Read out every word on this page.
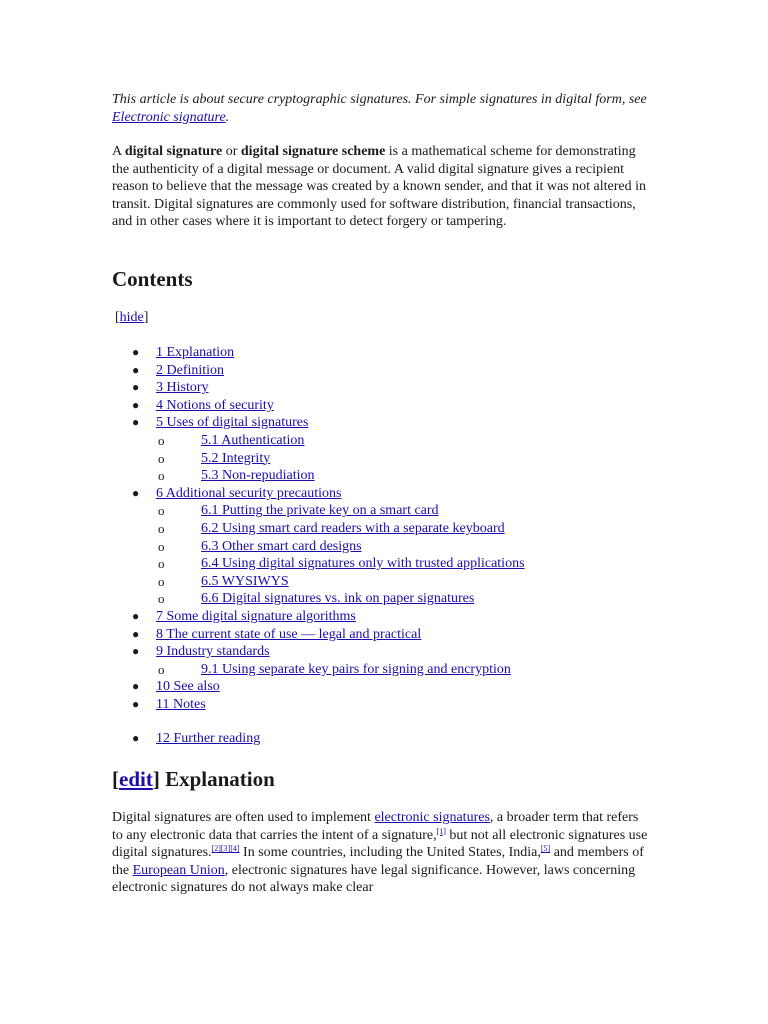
This article is about secure cryptographic signatures. For simple signatures in digital form, see Electronic signature.
A digital signature or digital signature scheme is a mathematical scheme for demonstrating the authenticity of a digital message or document. A valid digital signature gives a recipient reason to believe that the message was created by a known sender, and that it was not altered in transit. Digital signatures are commonly used for software distribution, financial transactions, and in other cases where it is important to detect forgery or tampering.
Contents
[hide]
● 1 Explanation
● 2 Definition
● 3 History
● 4 Notions of security
● 5 Uses of digital signatures
o	5.1 Authentication
o	5.2 Integrity
o	5.3 Non-repudiation
● 6 Additional security precautions
o	6.1 Putting the private key on a smart card
o	6.2 Using smart card readers with a separate keyboard
o	6.3 Other smart card designs
o	6.4 Using digital signatures only with trusted applications
o	6.5 WYSIWYS
o	6.6 Digital signatures vs. ink on paper signatures
● 7 Some digital signature algorithms
● 8 The current state of use — legal and practical
● 9 Industry standards
o	9.1 Using separate key pairs for signing and encryption
● 10 See also
● 11 Notes
● 12 Further reading
[edit] Explanation
Digital signatures are often used to implement electronic signatures, a broader term that refers to any electronic data that carries the intent of a signature,[1] but not all electronic signatures use digital signatures.[2][3][4] In some countries, including the United States, India,[5] and members of the European Union, electronic signatures have legal significance. However, laws concerning electronic signatures do not always make clear
